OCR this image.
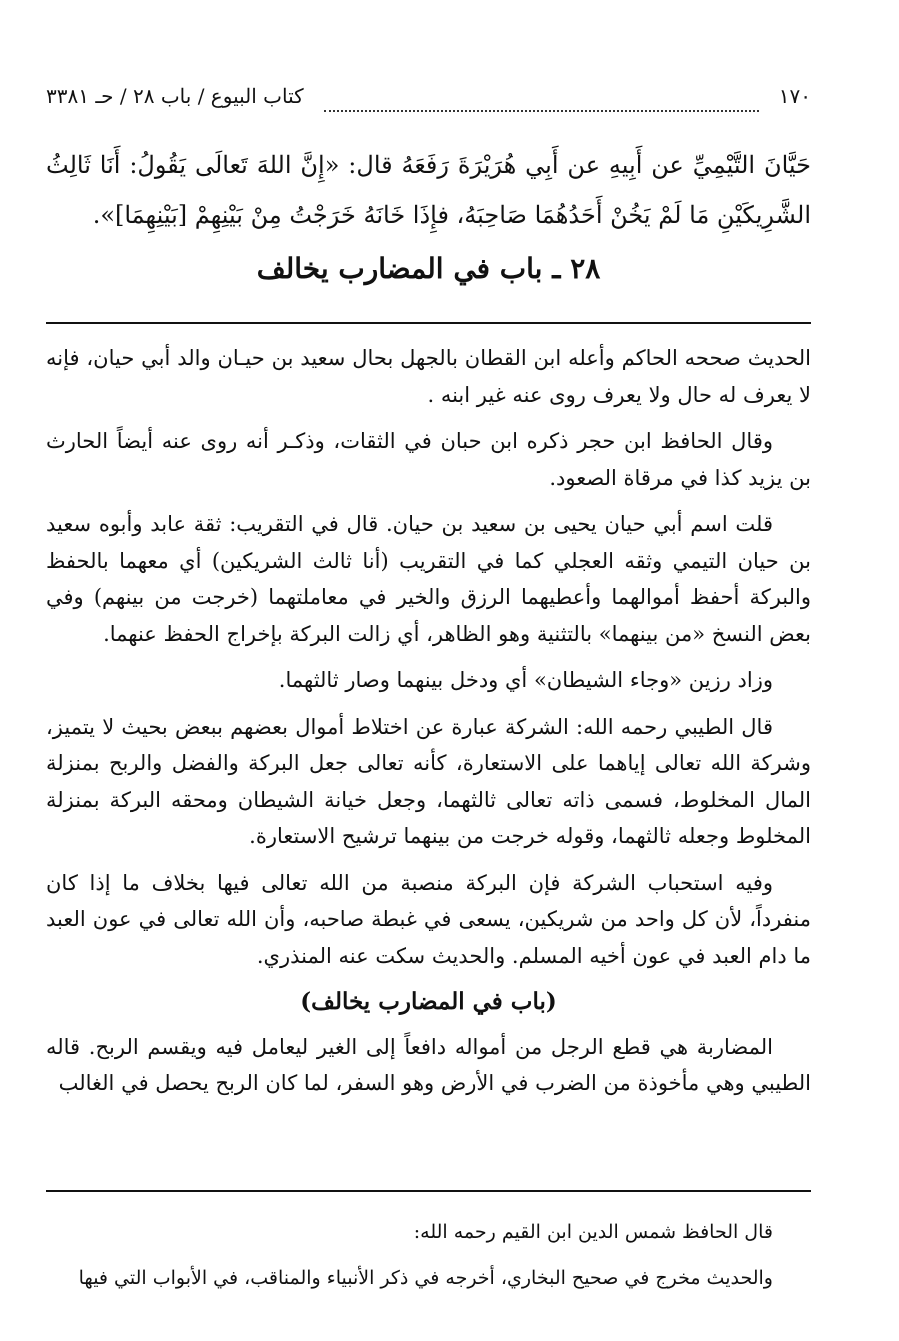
١٧٠
كتاب البيوع / باب ٢٨ / حـ ٣٣٨١
حَيَّانَ التَّيْمِيِّ عن أَبِيهِ عن أَبِي هُرَيْرَةَ رَفَعَهُ قال: «إِنَّ اللهَ تَعالَى يَقُولُ: أَنَا ثَالِثُ الشَّرِيكَيْنِ مَا لَمْ يَخُنْ أَحَدُهُمَا صَاحِبَهُ، فإِذَا خَانَهُ خَرَجْتُ مِنْ بَيْنِهِمْ [بَيْنِهِمَا]».
٢٨ ـ باب في المضارب يخالف

الحديث صححه الحاكم وأعله ابن القطان بالجهل بحال سعيد بن حيـان والد أبي حيان، فإنه لا يعرف له حال ولا يعرف روى عنه غير ابنه .

وقال الحافظ ابن حجر ذكره ابن حبان في الثقات، وذكـر أنه روى عنه أيضاً الحارث بن يزيد كذا في مرقاة الصعود.

قلت اسم أبي حيان يحيى بن سعيد بن حيان. قال في التقريب: ثقة عابد وأبوه سعيد بن حيان التيمي وثقه العجلي كما في التقريب (أنا ثالث الشريكين) أي معهما بالحفظ والبركة أحفظ أموالهما وأعطيهما الرزق والخير في معاملتهما (خرجت من بينهم) وفي بعض النسخ «من بينهما» بالتثنية وهو الظاهر، أي زالت البركة بإخراج الحفظ عنهما.

وزاد رزين «وجاء الشيطان» أي ودخل بينهما وصار ثالثهما.

قال الطيبي رحمه الله: الشركة عبارة عن اختلاط أموال بعضهم ببعض بحيث لا يتميز، وشركة الله تعالى إياهما على الاستعارة، كأنه تعالى جعل البركة والفضل والربح بمنزلة المال المخلوط، فسمى ذاته تعالى ثالثهما، وجعل خيانة الشيطان ومحقه البركة بمنزلة المخلوط وجعله ثالثهما، وقوله خرجت من بينهما ترشيح الاستعارة.

وفيه استحباب الشركة فإن البركة منصبة من الله تعالى فيها بخلاف ما إذا كان منفرداً، لأن كل واحد من شريكين، يسعى في غبطة صاحبه، وأن الله تعالى في عون العبد ما دام العبد في عون أخيه المسلم. والحديث سكت عنه المنذري.

(باب في المضارب يخالف)

المضاربة هي قطع الرجل من أمواله دافعاً إلى الغير ليعامل فيه ويقسم الربح. قاله الطيبي وهي مأخوذة من الضرب في الأرض وهو السفر، لما كان الربح يحصل في الغالب

قال الحافظ شمس الدين ابن القيم رحمه الله:

والحديث مخرج في صحيح البخاري، أخرجه في ذكر الأنبياء والمناقب، في الأبواب التي فيها
